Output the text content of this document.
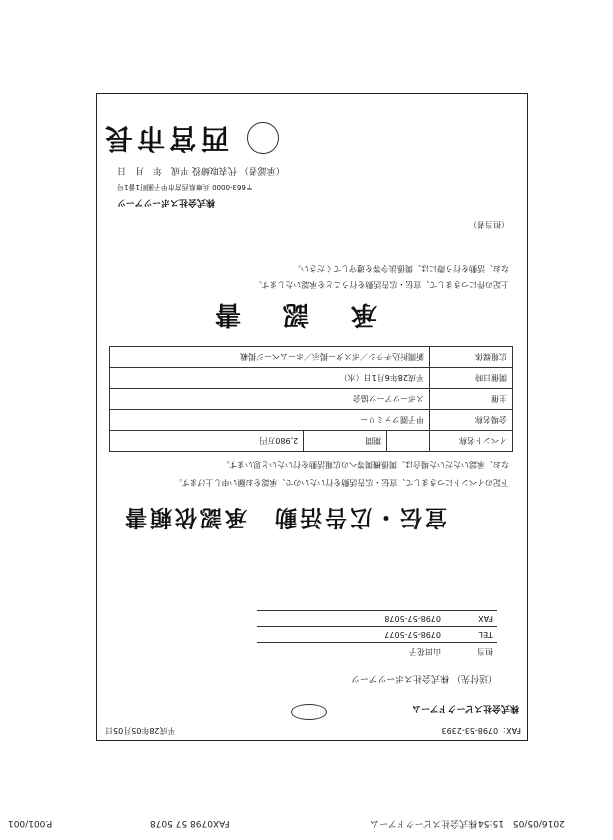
FAX：0798-53-2393
平成28年05月05日
株式会社スピークドアーム
（送付先） 株式会社スポーツアーツ
担当	山田花子
TEL	0798-57-5077
FAX	0798-57-5078
宣伝・広告活動　承認依頼書
下記のイベントにつきまして、宣伝・広告活動を行いたいので、承認をお願い申し上げます。
なお、承認いただいた場合は、関係機関等への広報活動を行いたいと思います。
イベント名称		期間	2,980万円
会場名称	甲子園ファミリー		
主催	スポーツアーツ協会		
開催日時	平成28年6月1日（水）		
広報媒体	新聞折込チラシ／ポスター掲示／ホームページ掲載		
承　認　書
上記の件につきまして、宣伝・広告活動を行うことを承認いたします。
なお、活動を行う際には、関係法令等を遵守してください。
（担当者）
株式会社スポーツアーツ
〒663-0000 兵庫県西宮市甲子園町1番1号
（承認者） 代表取締役 平成　年　月　日
西宮市長
P.001/001	FAX0798 57 5078	株式会社スピークドアーム 2016/05/05　15:54
